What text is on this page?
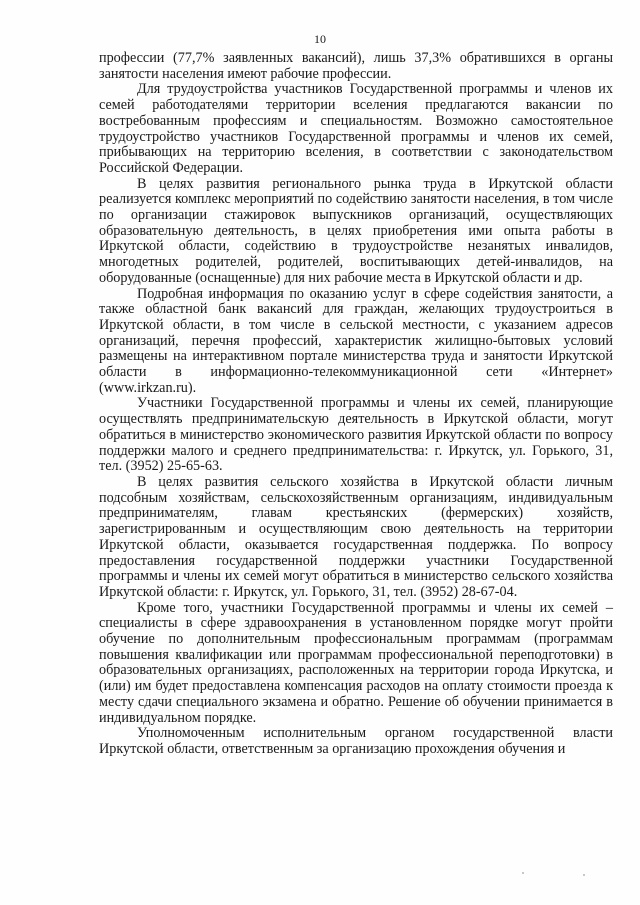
10

профессии (77,7% заявленных вакансий), лишь 37,3% обратившихся в органы занятости населения имеют рабочие профессии.

Для трудоустройства участников Государственной программы и членов их семей работодателями территории вселения предлагаются вакансии по востребованным профессиям и специальностям. Возможно самостоятельное трудоустройство участников Государственной программы и членов их семей, прибывающих на территорию вселения, в соответствии с законодательством Российской Федерации.

В целях развития регионального рынка труда в Иркутской области реализуется комплекс мероприятий по содействию занятости населения, в том числе по организации стажировок выпускников организаций, осуществляющих образовательную деятельность, в целях приобретения ими опыта работы в Иркутской области, содействию в трудоустройстве незанятых инвалидов, многодетных родителей, родителей, воспитывающих детей-инвалидов, на оборудованные (оснащенные) для них рабочие места в Иркутской области и др.

Подробная информация по оказанию услуг в сфере содействия занятости, а также областной банк вакансий для граждан, желающих трудоустроиться в Иркутской области, в том числе в сельской местности, с указанием адресов организаций, перечня профессий, характеристик жилищно-бытовых условий размещены на интерактивном портале министерства труда и занятости Иркутской области в информационно-телекоммуникационной сети «Интернет» (www.irkzan.ru).

Участники Государственной программы и члены их семей, планирующие осуществлять предпринимательскую деятельность в Иркутской области, могут обратиться в министерство экономического развития Иркутской области по вопросу поддержки малого и среднего предпринимательства: г. Иркутск, ул. Горького, 31, тел. (3952) 25-65-63.

В целях развития сельского хозяйства в Иркутской области личным подсобным хозяйствам, сельскохозяйственным организациям, индивидуальным предпринимателям, главам крестьянских (фермерских) хозяйств, зарегистрированным и осуществляющим свою деятельность на территории Иркутской области, оказывается государственная поддержка. По вопросу предоставления государственной поддержки участники Государственной программы и члены их семей могут обратиться в министерство сельского хозяйства Иркутской области: г. Иркутск, ул. Горького, 31, тел. (3952) 28-67-04.

Кроме того, участники Государственной программы и члены их семей – специалисты в сфере здравоохранения в установленном порядке могут пройти обучение по дополнительным профессиональным программам (программам повышения квалификации или программам профессиональной переподготовки) в образовательных организациях, расположенных на территории города Иркутска, и (или) им будет предоставлена компенсация расходов на оплату стоимости проезда к месту сдачи специального экзамена и обратно. Решение об обучении принимается в индивидуальном порядке.

Уполномоченным исполнительным органом государственной власти Иркутской области, ответственным за организацию прохождения обучения и
